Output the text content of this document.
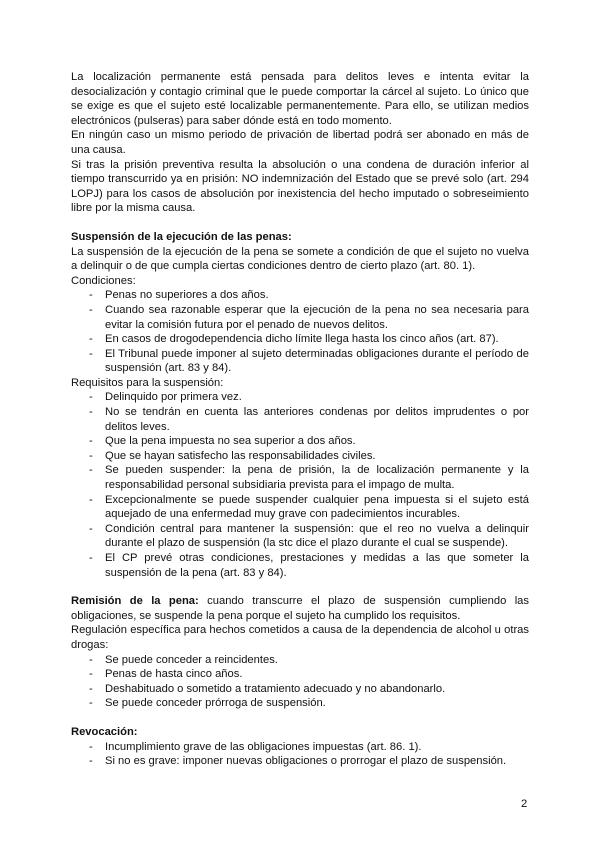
La localización permanente está pensada para delitos leves e intenta evitar la desocialización y contagio criminal que le puede comportar la cárcel al sujeto. Lo único que se exige es que el sujeto esté localizable permanentemente. Para ello, se utilizan medios electrónicos (pulseras) para saber dónde está en todo momento.

En ningún caso un mismo periodo de privación de libertad podrá ser abonado en más de una causa.

Si tras la prisión preventiva resulta la absolución o una condena de duración inferior al tiempo transcurrido ya en prisión: NO indemnización del Estado que se prevé solo (art. 294 LOPJ) para los casos de absolución por inexistencia del hecho imputado o sobreseimiento libre por la misma causa.

Suspensión de la ejecución de las penas:

La suspensión de la ejecución de la pena se somete a condición de que el sujeto no vuelva a delinquir o de que cumpla ciertas condiciones dentro de cierto plazo (art. 80. 1).

Condiciones:

- Penas no superiores a dos años.
- Cuando sea razonable esperar que la ejecución de la pena no sea necesaria para evitar la comisión futura por el penado de nuevos delitos.
- En casos de drogodependencia dicho límite llega hasta los cinco años (art. 87).
- El Tribunal puede imponer al sujeto determinadas obligaciones durante el período de suspensión (art. 83 y 84).

Requisitos para la suspensión:

- Delinquido por primera vez.
- No se tendrán en cuenta las anteriores condenas por delitos imprudentes o por delitos leves.
- Que la pena impuesta no sea superior a dos años.
- Que se hayan satisfecho las responsabilidades civiles.
- Se pueden suspender: la pena de prisión, la de localización permanente y la responsabilidad personal subsidiaria prevista para el impago de multa.
- Excepcionalmente se puede suspender cualquier pena impuesta si el sujeto está aquejado de una enfermedad muy grave con padecimientos incurables.
- Condición central para mantener la suspensión: que el reo no vuelva a delinquir durante el plazo de suspensión (la stc dice el plazo durante el cual se suspende).
- El CP prevé otras condiciones, prestaciones y medidas a las que someter la suspensión de la pena (art. 83 y 84).

Remisión de la pena: cuando transcurre el plazo de suspensión cumpliendo las obligaciones, se suspende la pena porque el sujeto ha cumplido los requisitos.

Regulación específica para hechos cometidos a causa de la dependencia de alcohol u otras drogas:

- Se puede conceder a reincidentes.
- Penas de hasta cinco años.
- Deshabituado o sometido a tratamiento adecuado y no abandonarlo.
- Se puede conceder prórroga de suspensión.

Revocación:

- Incumplimiento grave de las obligaciones impuestas (art. 86. 1).
- Si no es grave: imponer nuevas obligaciones o prorrogar el plazo de suspensión.
2
